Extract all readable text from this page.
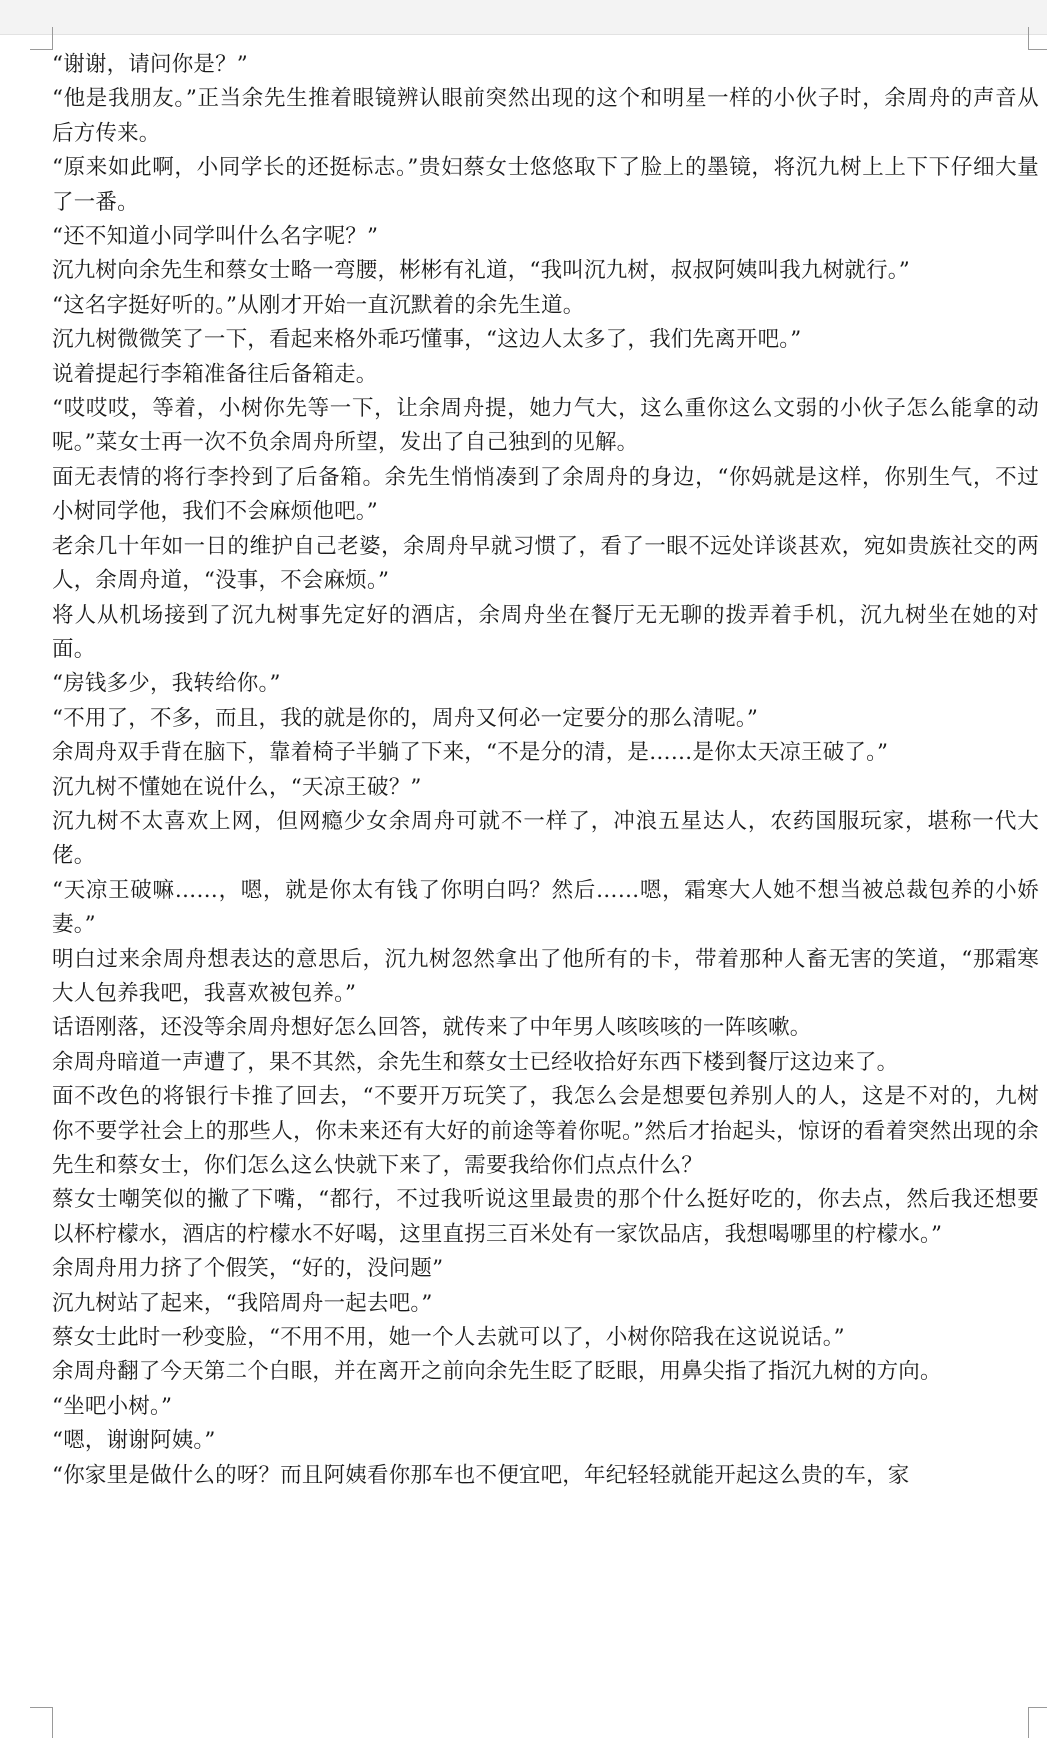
“谢谢，请问你是？”

“他是我朋友。”正当余先生推着眼镜辨认眼前突然出现的这个和明星一样的小伙子时，余周舟的声音从后方传来。

“原来如此啊，小同学长的还挺标志。”贵妇蔡女士悠悠取下了脸上的墨镜，将沉九树上上下下仔细大量了一番。

“还不知道小同学叫什么名字呢？”

沉九树向余先生和蔡女士略一弯腰，彬彬有礼道，“我叫沉九树，叔叔阿姨叫我九树就行。”

“这名字挺好听的。”从刚才开始一直沉默着的余先生道。

沉九树微微笑了一下，看起来格外乖巧懂事，“这边人太多了，我们先离开吧。”

说着提起行李箱准备往后备箱走。

“哎哎哎，等着，小树你先等一下，让余周舟提，她力气大，这么重你这么文弱的小伙子怎么能拿的动呢。”菜女士再一次不负余周舟所望，发出了自己独到的见解。

面无表情的将行李拎到了后备箱。余先生悄悄凑到了余周舟的身边，“你妈就是这样，你别生气，不过小树同学他，我们不会麻烦他吧。”

老余几十年如一日的维护自己老婆，余周舟早就习惯了，看了一眼不远处详谈甚欢，宛如贵族社交的两人，余周舟道，“没事，不会麻烦。”

将人从机场接到了沉九树事先定好的酒店，余周舟坐在餐厅无无聊的拨弄着手机，沉九树坐在她的对面。

“房钱多少，我转给你。”

“不用了，不多，而且，我的就是你的，周舟又何必一定要分的那么清呢。”

余周舟双手背在脑下，靠着椅子半躺了下来，“不是分的清，是……是你太天凉王破了。”

沉九树不懂她在说什么，“天凉王破？”

沉九树不太喜欢上网，但网瘾少女余周舟可就不一样了，冲浪五星达人，农药国服玩家，堪称一代大佬。

“天凉王破嘛……，嗯，就是你太有钱了你明白吗？然后……嗯，霜寒大人她不想当被总裁包养的小娇妻。”

明白过来余周舟想表达的意思后，沉九树忽然拿出了他所有的卡，带着那种人畜无害的笑道，“那霜寒大人包养我吧，我喜欢被包养。”

话语刚落，还没等余周舟想好怎么回答，就传来了中年男人咳咳咳的一阵咳嗽。

余周舟暗道一声遭了，果不其然，余先生和蔡女士已经收拾好东西下楼到餐厅这边来了。

面不改色的将银行卡推了回去，“不要开万玩笑了，我怎么会是想要包养别人的人，这是不对的，九树你不要学社会上的那些人，你未来还有大好的前途等着你呢。”然后才抬起头，惊讶的看着突然出现的余先生和蔡女士，你们怎么这么快就下来了，需要我给你们点点什么？

蔡女士嘲笑似的撇了下嘴，“都行，不过我听说这里最贵的那个什么挺好吃的，你去点，然后我还想要以杯柠檬水，酒店的柠檬水不好喝，这里直拐三百米处有一家饮品店，我想喝哪里的柠檬水。”

余周舟用力挤了个假笑，“好的，没问题”

沉九树站了起来，“我陪周舟一起去吧。”

蔡女士此时一秒变脸，“不用不用，她一个人去就可以了，小树你陪我在这说说话。”

余周舟翻了今天第二个白眼，并在离开之前向余先生眨了眨眼，用鼻尖指了指沉九树的方向。

“坐吧小树。”

“嗯，谢谢阿姨。”

“你家里是做什么的呀？而且阿姨看你那车也不便宜吧，年纪轻轻就能开起这么贵的车，家
